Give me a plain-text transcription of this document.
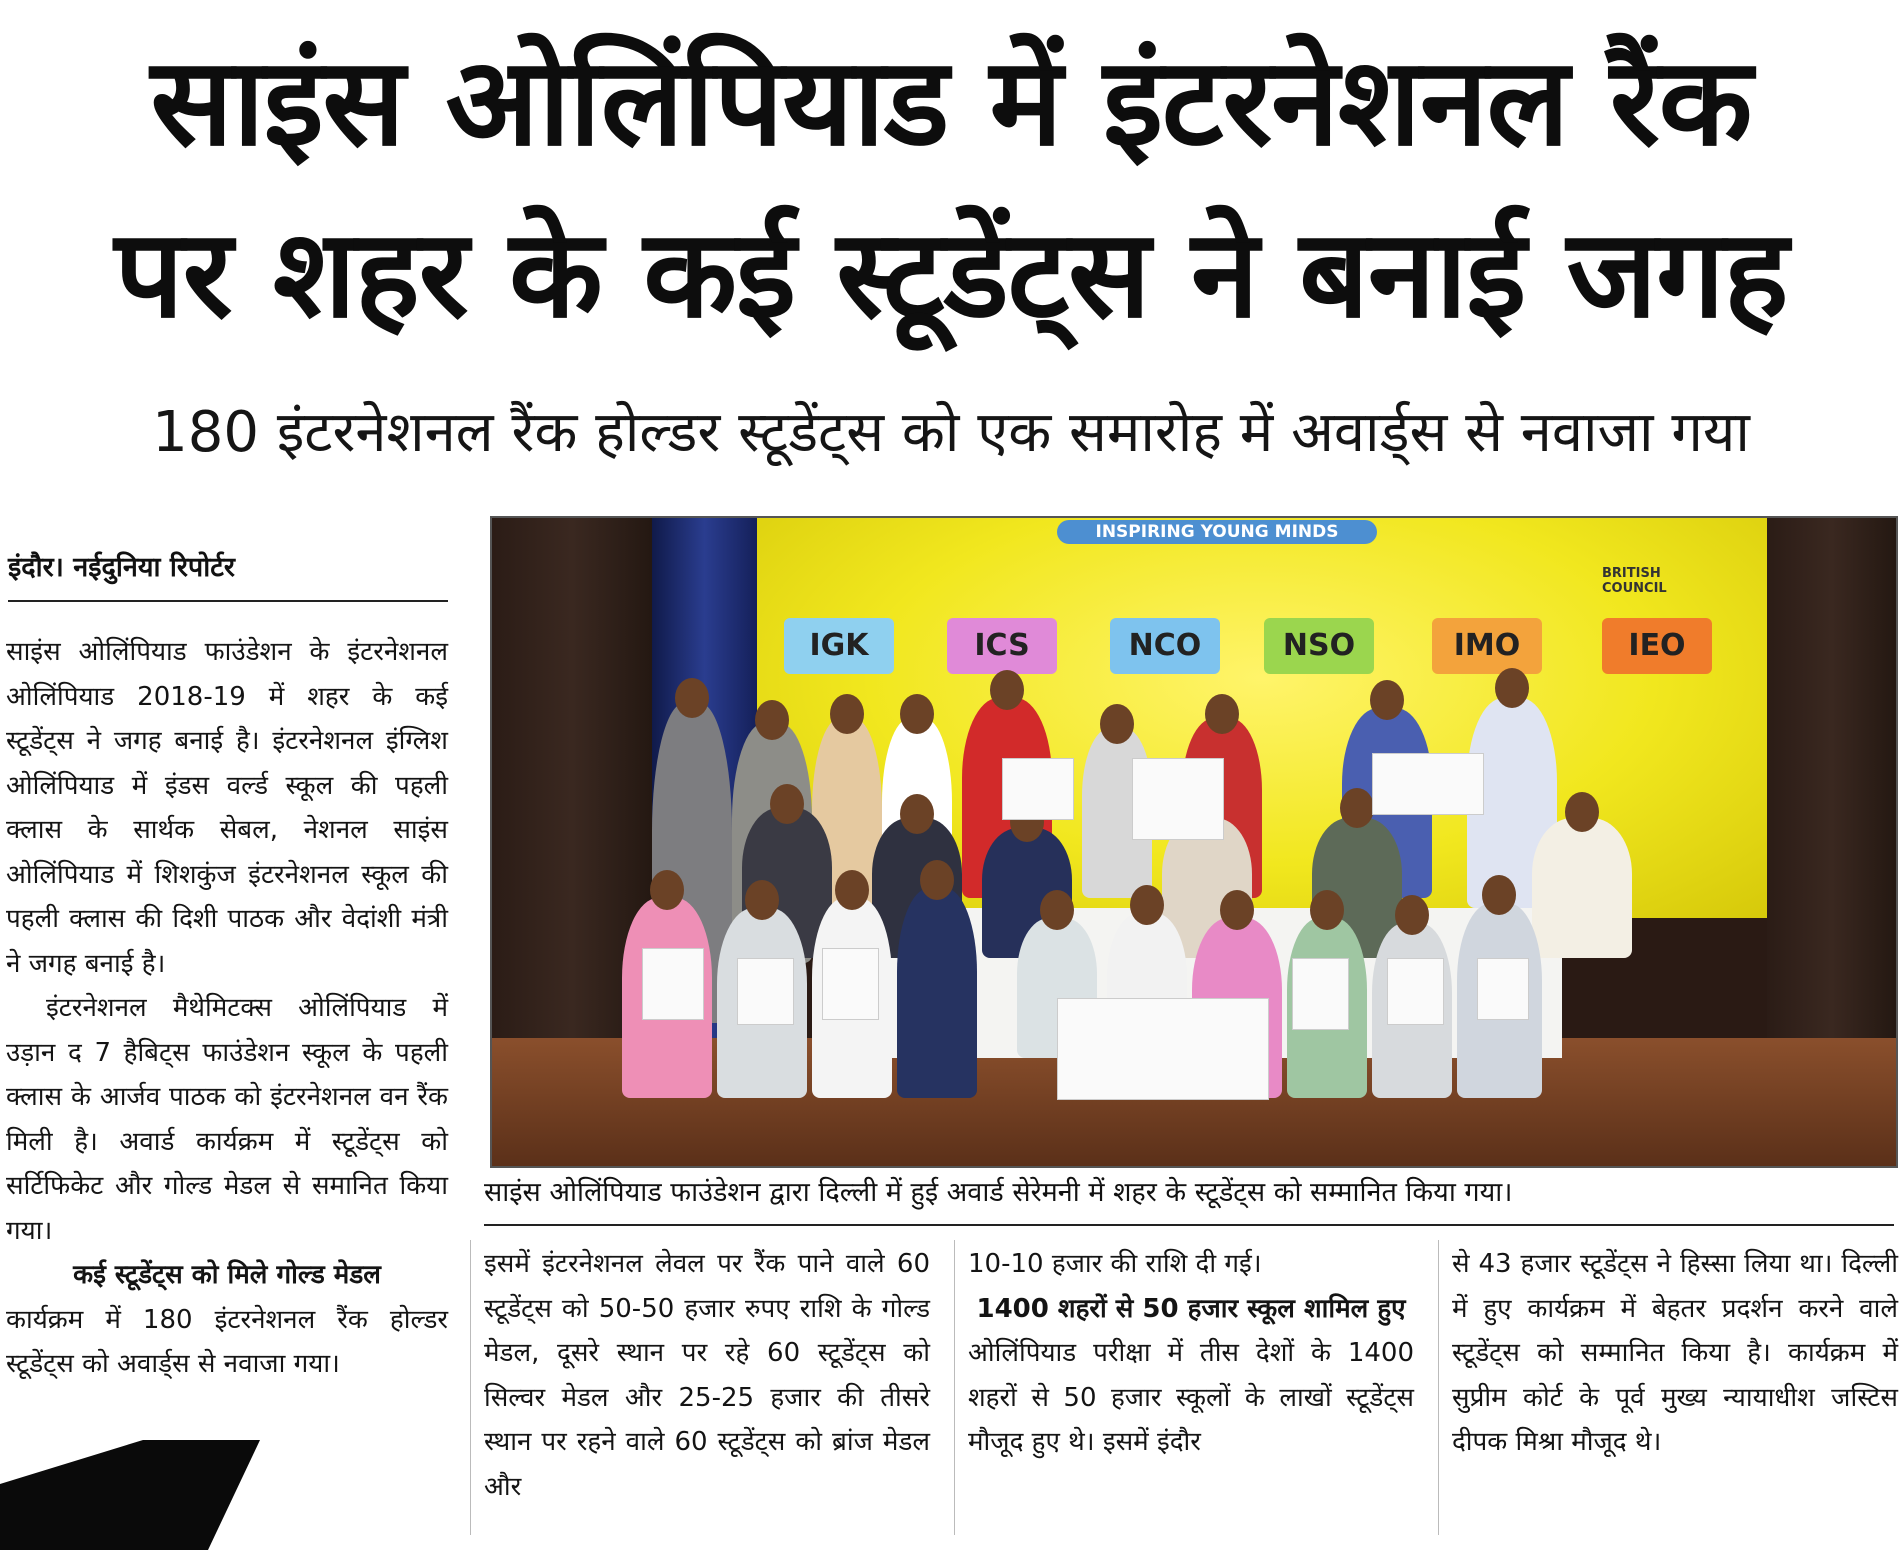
साइंस ओलिंपियाड में इंटरनेशनल रैंक
पर शहर के कई स्टूडेंट्स ने बनाई जगह
180 इंटरनेशनल रैंक होल्डर स्टूडेंट्स को एक समारोह में अवार्ड्स से नवाजा गया
इंदौर। नईदुनिया रिपोर्टर

साइंस ओलिंपियाड फाउंडेशन के इंटरनेशनल ओलिंपियाड 2018-19 में शहर के कई स्टूडेंट्स ने जगह बनाई है। इंटरनेशनल इंग्लिश ओलिंपियाड में इंडस वर्ल्ड स्कूल की पहली क्लास के सार्थक सेबल, नेशनल साइंस ओलिंपियाड में शिशकुंज इंटरनेशनल स्कूल की पहली क्लास की दिशी पाठक और वेदांशी मंत्री ने जगह बनाई है।

इंटरनेशनल मैथेमिटक्स ओलिंपियाड में उड़ान द 7 हैबिट्स फाउंडेशन स्कूल के पहली क्लास के आर्जव पाठक को इंटरनेशनल वन रैंक मिली है। अवार्ड कार्यक्रम में स्टूडेंट्स को सर्टिफिकेट और गोल्ड मेडल से समानित किया गया।

कई स्टूडेंट्स को मिले गोल्ड मेडल

कार्यक्रम में 180 इंटरनेशनल रैंक होल्डर स्टूडेंट्स को अवार्ड्स से नवाजा गया।

INSPIRING YOUNG MINDS
IGK	ICS	NCO	NSO	IMO	IEO
BRITISH COUNCIL
साइंस ओलिंपियाड फाउंडेशन द्वारा दिल्ली में हुई अवार्ड सेरेमनी में शहर के स्टूडेंट्स को सम्मानित किया गया।

इसमें इंटरनेशनल लेवल पर रैंक पाने वाले 60 स्टूडेंट्स को 50-50 हजार रुपए राशि के गोल्ड मेडल, दूसरे स्थान पर रहे 60 स्टूडेंट्स को सिल्वर मेडल और 25-25 हजार की तीसरे स्थान पर रहने वाले 60 स्टूडेंट्स को ब्रांज मेडल और

10-10 हजार की राशि दी गई।

1400 शहरों से 50 हजार स्कूल शामिल हुए

ओलिंपियाड परीक्षा में तीस देशों के 1400 शहरों से 50 हजार स्कूलों के लाखों स्टूडेंट्स मौजूद हुए थे। इसमें इंदौर

से 43 हजार स्टूडेंट्स ने हिस्सा लिया था। दिल्ली में हुए कार्यक्रम में बेहतर प्रदर्शन करने वाले स्टूडेंट्स को सम्मानित किया है। कार्यक्रम में सुप्रीम कोर्ट के पूर्व मुख्य न्यायाधीश जस्टिस दीपक मिश्रा मौजूद थे।
